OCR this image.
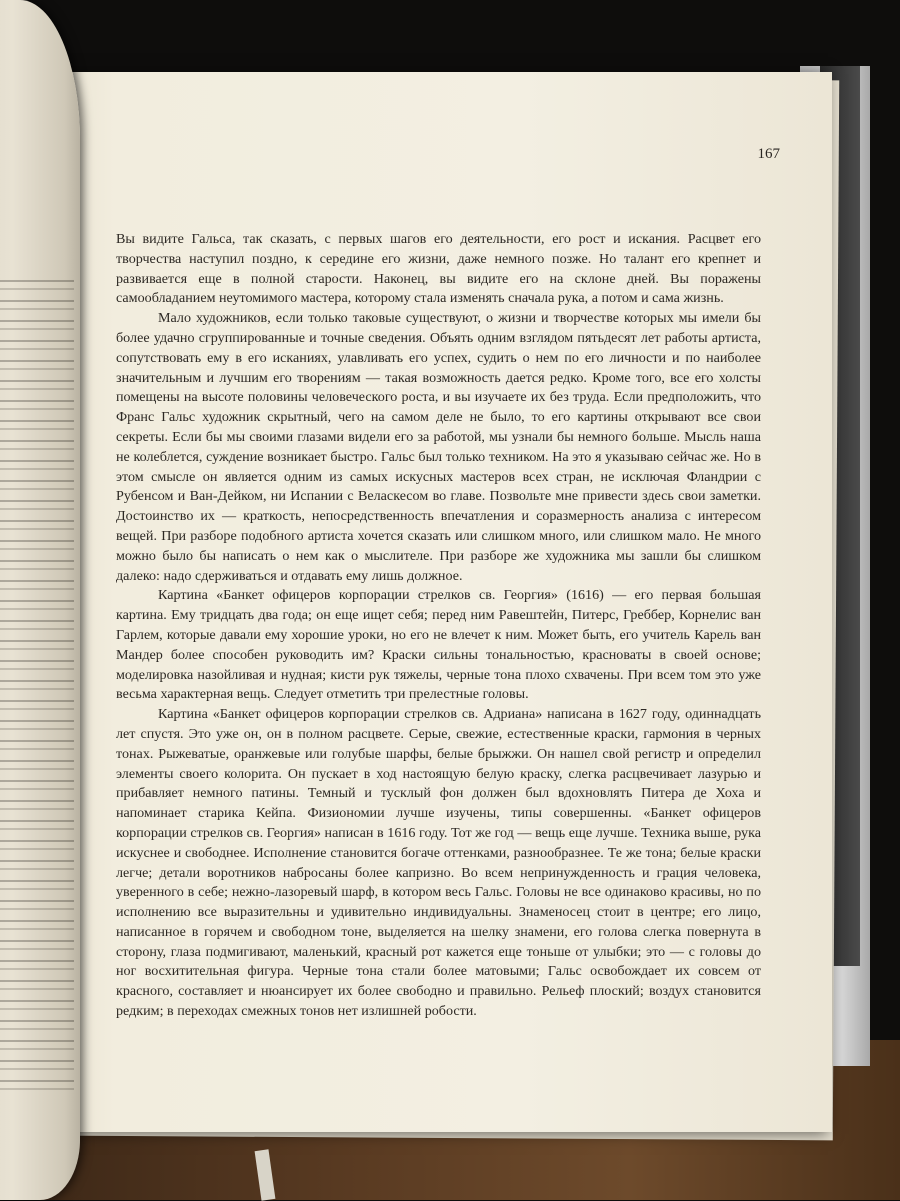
167

Вы видите Гальса, так сказать, с первых шагов его деятельности, его рост и искания. Расцвет его творчества наступил поздно, к середине его жизни, даже немного позже. Но талант его крепнет и развивается еще в полной старости. Наконец, вы видите его на склоне дней. Вы поражены самообладанием неутомимого мастера, которому стала изменять сначала рука, а потом и сама жизнь.

Мало художников, если только таковые существуют, о жизни и творчестве которых мы имели бы более удачно сгруппированные и точные сведения. Объять одним взглядом пятьдесят лет работы артиста, сопутствовать ему в его исканиях, улавливать его успех, судить о нем по его личности и по наиболее значительным и лучшим его творениям — такая возможность дается редко. Кроме того, все его холсты помещены на высоте половины человеческого роста, и вы изучаете их без труда. Если предположить, что Франс Гальс художник скрытный, чего на самом деле не было, то его картины открывают все свои секреты. Если бы мы своими глазами видели его за работой, мы узнали бы немного больше. Мысль наша не колеблется, суждение возникает быстро. Гальс был только техником. На это я указываю сейчас же. Но в этом смысле он является одним из самых искусных мастеров всех стран, не исключая Фландрии с Рубенсом и Ван-Дейком, ни Испании с Веласкесом во главе. Позвольте мне привести здесь свои заметки. Достоинство их — краткость, непосредственность впечатления и соразмерность анализа с интересом вещей. При разборе подобного артиста хочется сказать или слишком много, или слишком мало. Не много можно было бы написать о нем как о мыслителе. При разборе же художника мы зашли бы слишком далеко: надо сдерживаться и отдавать ему лишь должное.

Картина «Банкет офицеров корпорации стрелков св. Георгия» (1616) — его первая большая картина. Ему тридцать два года; он еще ищет себя; перед ним Равештейн, Питерс, Греббер, Корнелис ван Гарлем, которые давали ему хорошие уроки, но его не влечет к ним. Может быть, его учитель Карель ван Мандер более способен руководить им? Краски сильны тональностью, красноваты в своей основе; моделировка назойливая и нудная; кисти рук тяжелы, черные тона плохо схвачены. При всем том это уже весьма характерная вещь. Следует отметить три прелестные головы.

Картина «Банкет офицеров корпорации стрелков св. Адриана» написана в 1627 году, одиннадцать лет спустя. Это уже он, он в полном расцвете. Серые, свежие, естественные краски, гармония в черных тонах. Рыжеватые, оранжевые или голубые шарфы, белые брыжжи. Он нашел свой регистр и определил элементы своего колорита. Он пускает в ход настоящую белую краску, слегка расцвечивает лазурью и прибавляет немного патины. Темный и тусклый фон должен был вдохновлять Питера де Хоха и напоминает старика Кейпа. Физиономии лучше изучены, типы совершенны. «Банкет офицеров корпорации стрелков св. Георгия» написан в 1616 году. Тот же год — вещь еще лучше. Техника выше, рука искуснее и свободнее. Исполнение становится богаче оттенками, разнообразнее. Те же тона; белые краски легче; детали воротников набросаны более капризно. Во всем непринужденность и грация человека, уверенного в себе; нежно-лазоревый шарф, в котором весь Гальс. Головы не все одинаково красивы, но по исполнению все выразительны и удивительно индивидуальны. Знаменосец стоит в центре; его лицо, написанное в горячем и свободном тоне, выделяется на шелку знамени, его голова слегка повернута в сторону, глаза подмигивают, маленький, красный рот кажется еще тоньше от улыбки; это — с головы до ног восхитительная фигура. Черные тона стали более матовыми; Гальс освобождает их совсем от красного, составляет и нюансирует их более свободно и правильно. Рельеф плоский; воздух становится редким; в переходах смежных тонов нет излишней робости.
